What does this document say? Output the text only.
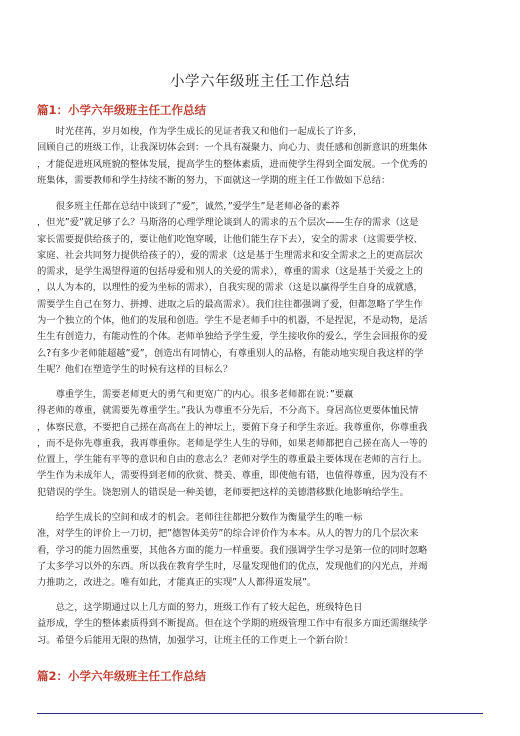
小学六年级班主任工作总结
篇1：小学六年级班主任工作总结
　　时光荏苒，岁月如梭，作为学生成长的见证者我又和他们一起成长了许多，
回顾自己的班级工作，让我深切体会到：一个具有凝聚力、向心力、责任感和创新意识的班集体
，才能促进班风班貌的整体发展，提高学生的整体素质，进而使学生得到全面发展。一个优秀的
班集体，需要教师和学生持续不断的努力，下面就这一学期的班主任工作做如下总结：
　　很多班主任都在总结中谈到了”爱”，诚然，”爱学生”是老师必备的素养
，但光”爱”就足够了么？马斯洛的心理学理论谈到人的需求的五个层次——生存的需求（这是
家长需要提供给孩子的，要让他们吃饱穿暖，让他们能生存下去），安全的需求（这需要学校、
家庭、社会共同努力提供给孩子的），爱的需求（这是基于生理需求和安全需求之上的更高层次
的需求，是学生渴望得道的包括母爱和别人的关爱的需求），尊重的需求（这是基于关爱之上的
，以人为本的，以理性的爱为坐标的需求），自我实现的需求（这是以赢得学生自身的成就感，
需要学生自己在努力、拼搏、进取之后的最高需求）。我们往往都强调了爱，但都忽略了学生作
为一个独立的个体，他们的发展和创造。学生不是老师手中的机器，不是捏泥，不是动物，是活
生生有创造力，有能动性的个体。老师单独给予学生爱，学生接收你的爱么，学生会回报你的爱
么?有多少老师能超越”爱”，创造出有同情心，有尊重别人的品格，有能动地实现自我这样的学
生呢？他们在塑造学生的时候有这样的目标么？
　　尊重学生，需要老师更大的勇气和更宽广的内心。很多老师都在说：”要赢
得老师的尊重，就需要先尊重学生。”我认为尊重不分先后，不分高下。身居高位更要体恤民情
，体察民意，不要把自己搓在高高在上的神坛上，要俯下身子和学生亲近。我尊重你，你尊重我
，而不是你先尊重我，我再尊重你。老师是学生人生的导师，如果老师都把自己搓在高人一等的
位置上，学生能有平等的意识和自由的意志么？老师对学生的尊重最主要体现在老师的言行上。
学生作为未成年人，需要得到老师的欣赏、赞美、尊重，即使他有错，也值得尊重，因为没有不
犯错误的学生。饶恕别人的错误是一种美德，老师要把这样的美德潜移默化地影响给学生。
　　给学生成长的空间和成才的机会。老师往往都把分数作为衡量学生的唯一标
准，对学生的评价上一刀切，把”德智体美劳”的综合评价作为本本。从人的智力的几个层次来
看，学习的能力固然重要，其他各方面的能力一样重要。我们强调学生学习是第一位的同时忽略
了太多学习以外的东西。所以我在教育学生时，尽量发现他们的优点，发现他们的闪光点，并竭
力推助之，改进之。唯有如此，才能真正的实现”人人都得道发展”。
　　总之，这学期通过以上几方面的努力，班级工作有了较大起色，班级特色日
益形成，学生的整体素质得到不断提高。但在这个学期的班级管理工作中有很多方面还需继续学
习。希望今后能用无限的热情，加强学习，让班主任的工作更上一个新台阶！
篇2：小学六年级班主任工作总结
